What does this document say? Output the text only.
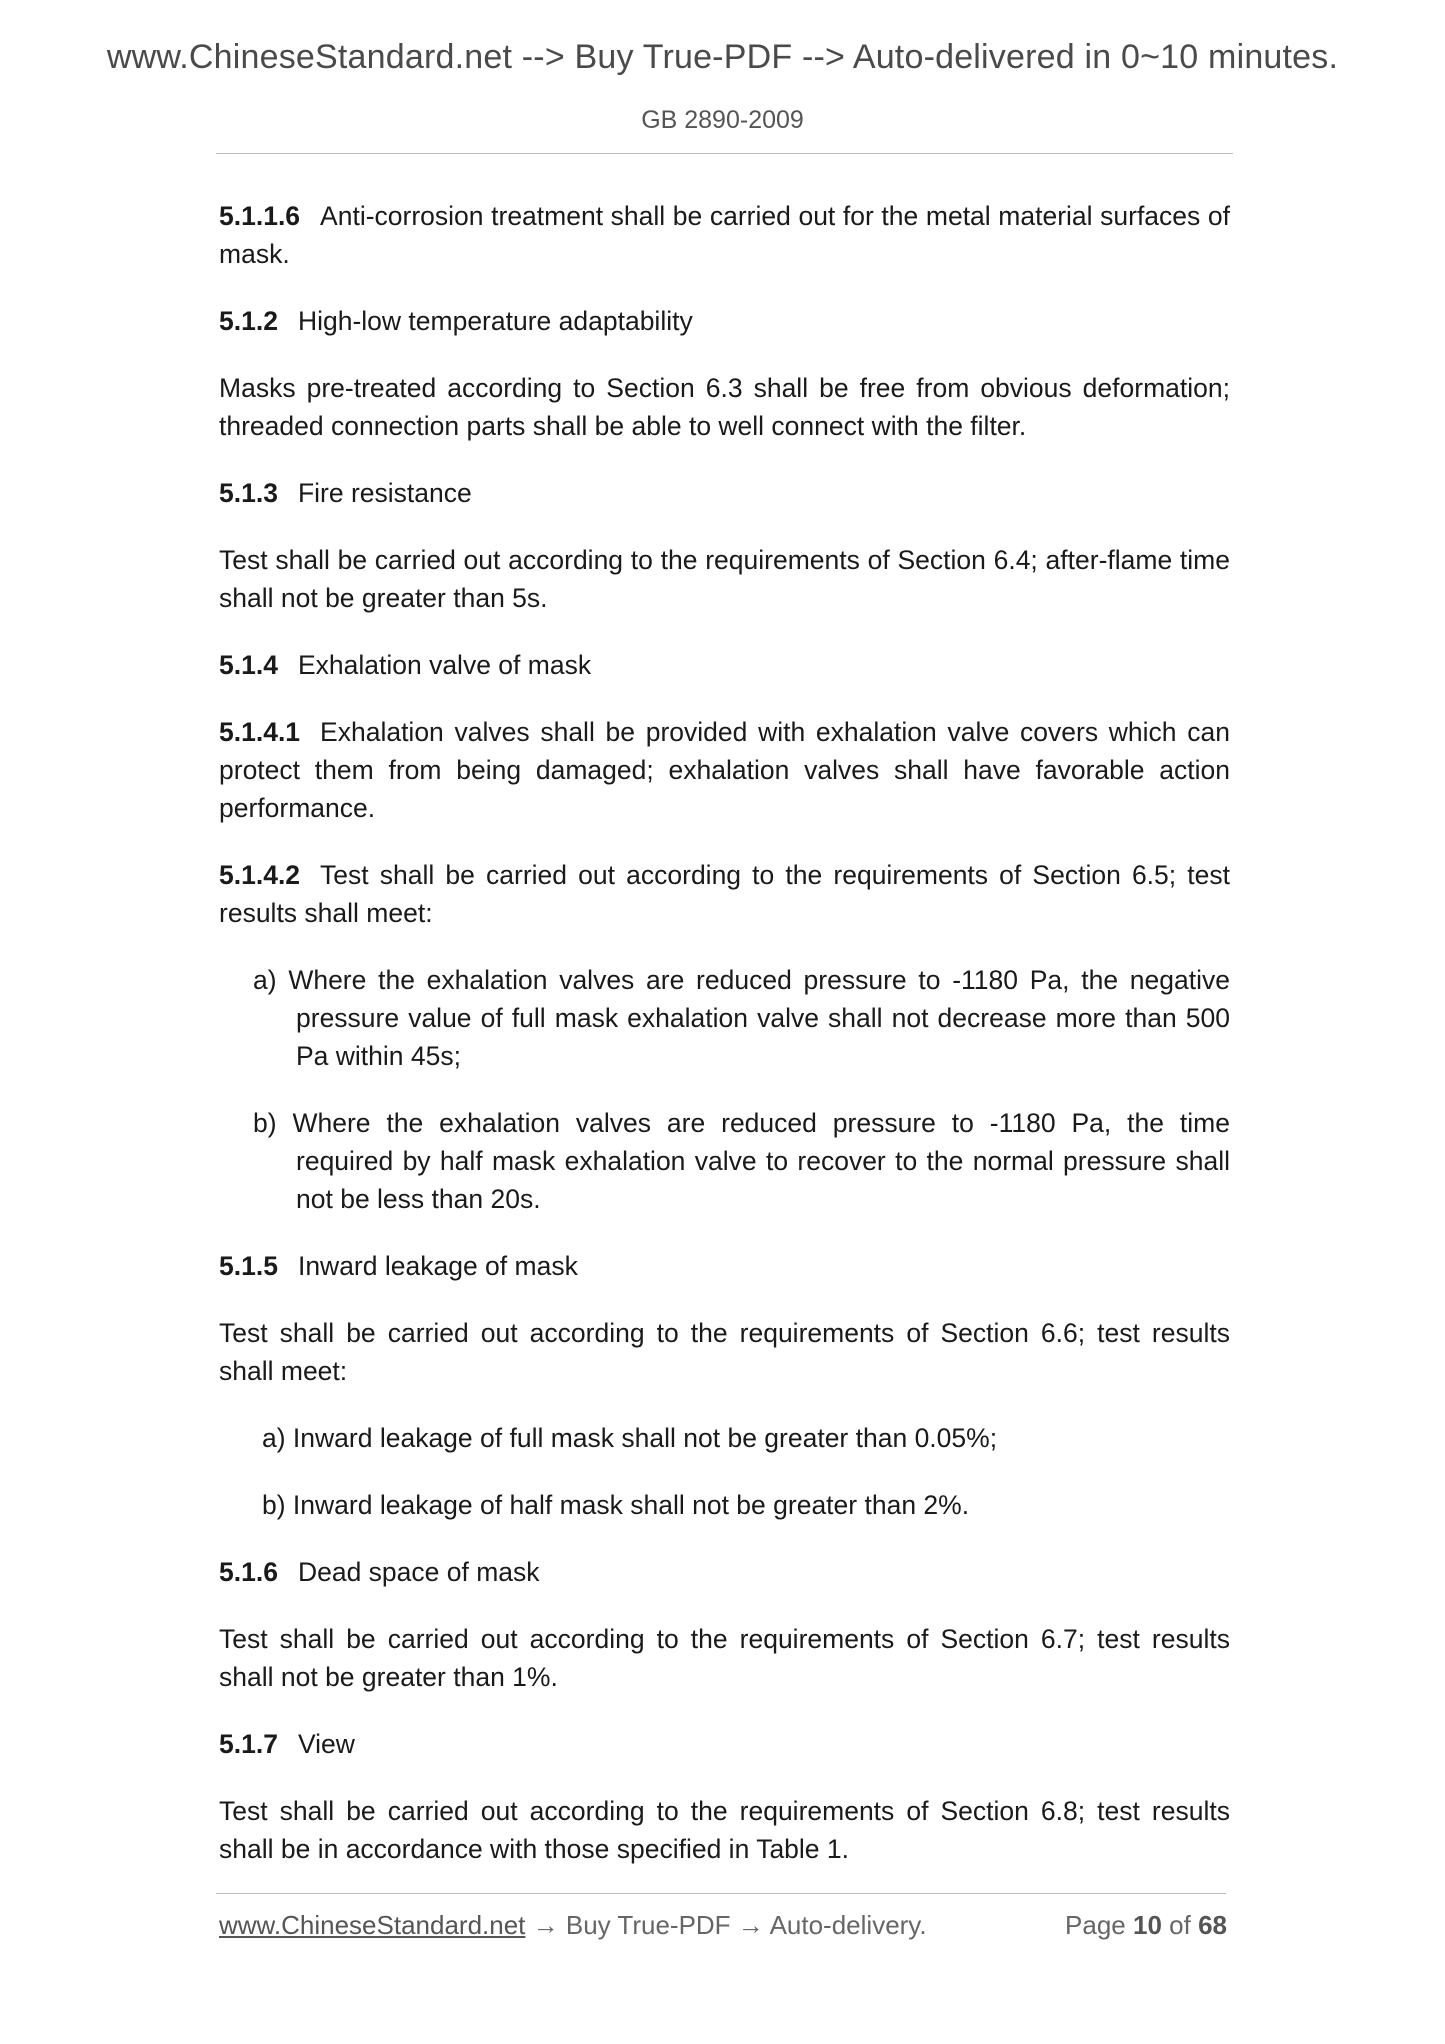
www.ChineseStandard.net --> Buy True-PDF --> Auto-delivered in 0~10 minutes.
GB 2890-2009

5.1.1.6 Anti-corrosion treatment shall be carried out for the metal material surfaces of mask.

5.1.2 High-low temperature adaptability

Masks pre-treated according to Section 6.3 shall be free from obvious deformation; threaded connection parts shall be able to well connect with the filter.

5.1.3 Fire resistance

Test shall be carried out according to the requirements of Section 6.4; after-flame time shall not be greater than 5s.

5.1.4 Exhalation valve of mask

5.1.4.1 Exhalation valves shall be provided with exhalation valve covers which can protect them from being damaged; exhalation valves shall have favorable action performance.

5.1.4.2 Test shall be carried out according to the requirements of Section 6.5; test results shall meet:

a) Where the exhalation valves are reduced pressure to -1180 Pa, the negative pressure value of full mask exhalation valve shall not decrease more than 500 Pa within 45s;

b) Where the exhalation valves are reduced pressure to -1180 Pa, the time required by half mask exhalation valve to recover to the normal pressure shall not be less than 20s.

5.1.5 Inward leakage of mask

Test shall be carried out according to the requirements of Section 6.6; test results shall meet:

a) Inward leakage of full mask shall not be greater than 0.05%;

b) Inward leakage of half mask shall not be greater than 2%.

5.1.6 Dead space of mask

Test shall be carried out according to the requirements of Section 6.7; test results shall not be greater than 1%.

5.1.7 View

Test shall be carried out according to the requirements of Section 6.8; test results shall be in accordance with those specified in Table 1.

www.ChineseStandard.net → Buy True-PDF → Auto-delivery.	Page 10 of 68
